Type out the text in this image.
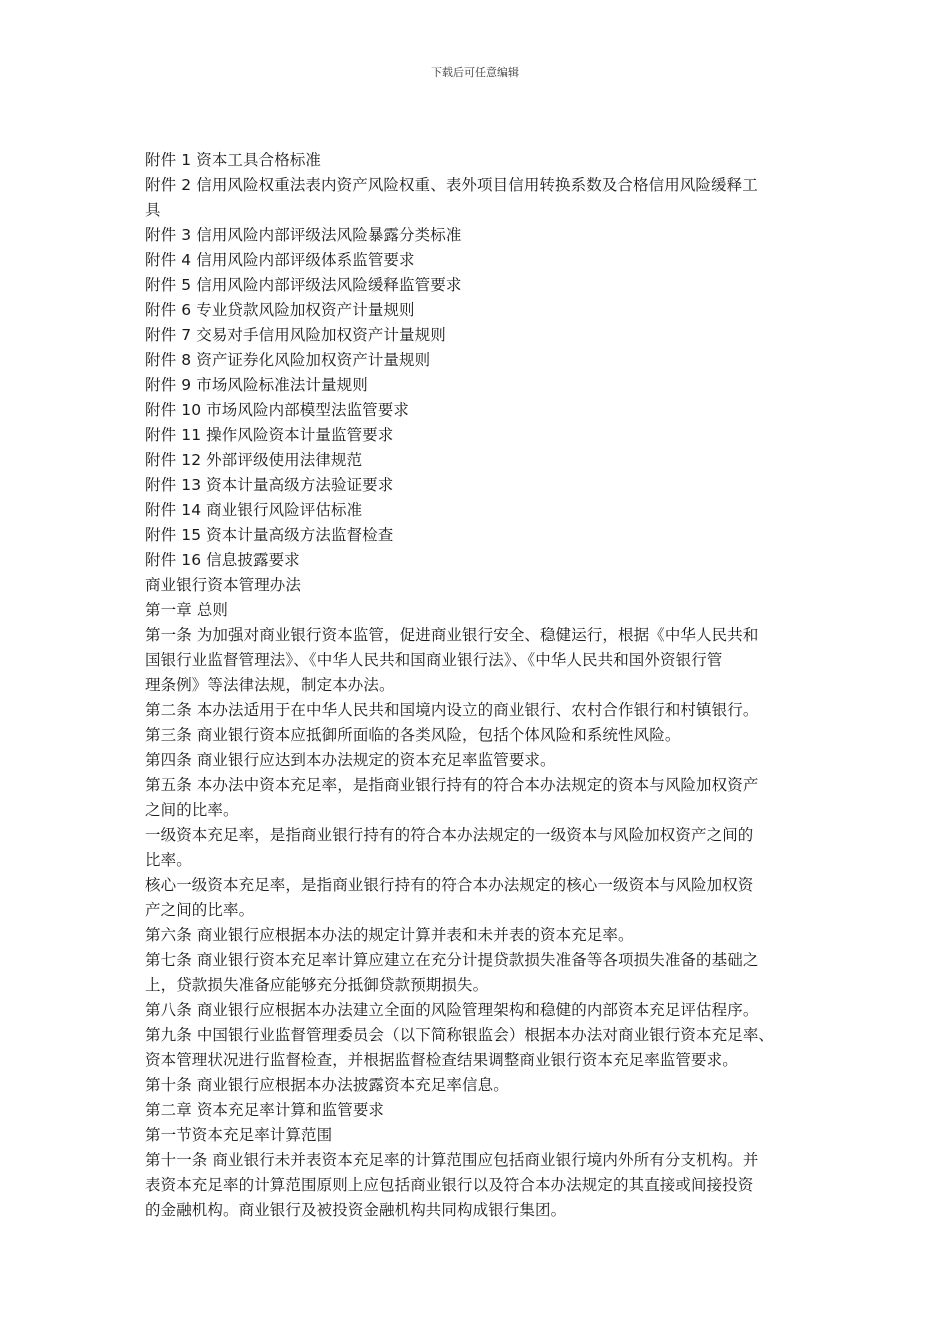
下载后可任意编辑
附件 1 资本工具合格标准
附件 2 信用风险权重法表内资产风险权重、表外项目信用转换系数及合格信用风险缓释工
具
附件 3 信用风险内部评级法风险暴露分类标准
附件 4 信用风险内部评级体系监管要求
附件 5 信用风险内部评级法风险缓释监管要求
附件 6 专业贷款风险加权资产计量规则
附件 7 交易对手信用风险加权资产计量规则
附件 8 资产证券化风险加权资产计量规则
附件 9 市场风险标准法计量规则
附件 10 市场风险内部模型法监管要求
附件 11 操作风险资本计量监管要求
附件 12 外部评级使用法律规范
附件 13 资本计量高级方法验证要求
附件 14 商业银行风险评估标准
附件 15 资本计量高级方法监督检查
附件 16 信息披露要求
商业银行资本管理办法
第一章 总则
第一条 为加强对商业银行资本监管，促进商业银行安全、稳健运行，根据《中华人民共和
国银行业监督管理法》、《中华人民共和国商业银行法》、《中华人民共和国外资银行管
理条例》等法律法规，制定本办法。
第二条 本办法适用于在中华人民共和国境内设立的商业银行、农村合作银行和村镇银行。
第三条 商业银行资本应抵御所面临的各类风险，包括个体风险和系统性风险。
第四条 商业银行应达到本办法规定的资本充足率监管要求。
第五条 本办法中资本充足率，是指商业银行持有的符合本办法规定的资本与风险加权资产
之间的比率。
一级资本充足率，是指商业银行持有的符合本办法规定的一级资本与风险加权资产之间的
比率。
核心一级资本充足率，是指商业银行持有的符合本办法规定的核心一级资本与风险加权资
产之间的比率。
第六条 商业银行应根据本办法的规定计算并表和未并表的资本充足率。
第七条 商业银行资本充足率计算应建立在充分计提贷款损失准备等各项损失准备的基础之
上，贷款损失准备应能够充分抵御贷款预期损失。
第八条 商业银行应根据本办法建立全面的风险管理架构和稳健的内部资本充足评估程序。
第九条 中国银行业监督管理委员会（以下简称银监会）根据本办法对商业银行资本充足率、
资本管理状况进行监督检查，并根据监督检查结果调整商业银行资本充足率监管要求。
第十条 商业银行应根据本办法披露资本充足率信息。
第二章 资本充足率计算和监管要求
第一节资本充足率计算范围
第十一条 商业银行未并表资本充足率的计算范围应包括商业银行境内外所有分支机构。并
表资本充足率的计算范围原则上应包括商业银行以及符合本办法规定的其直接或间接投资
的金融机构。商业银行及被投资金融机构共同构成银行集团。
